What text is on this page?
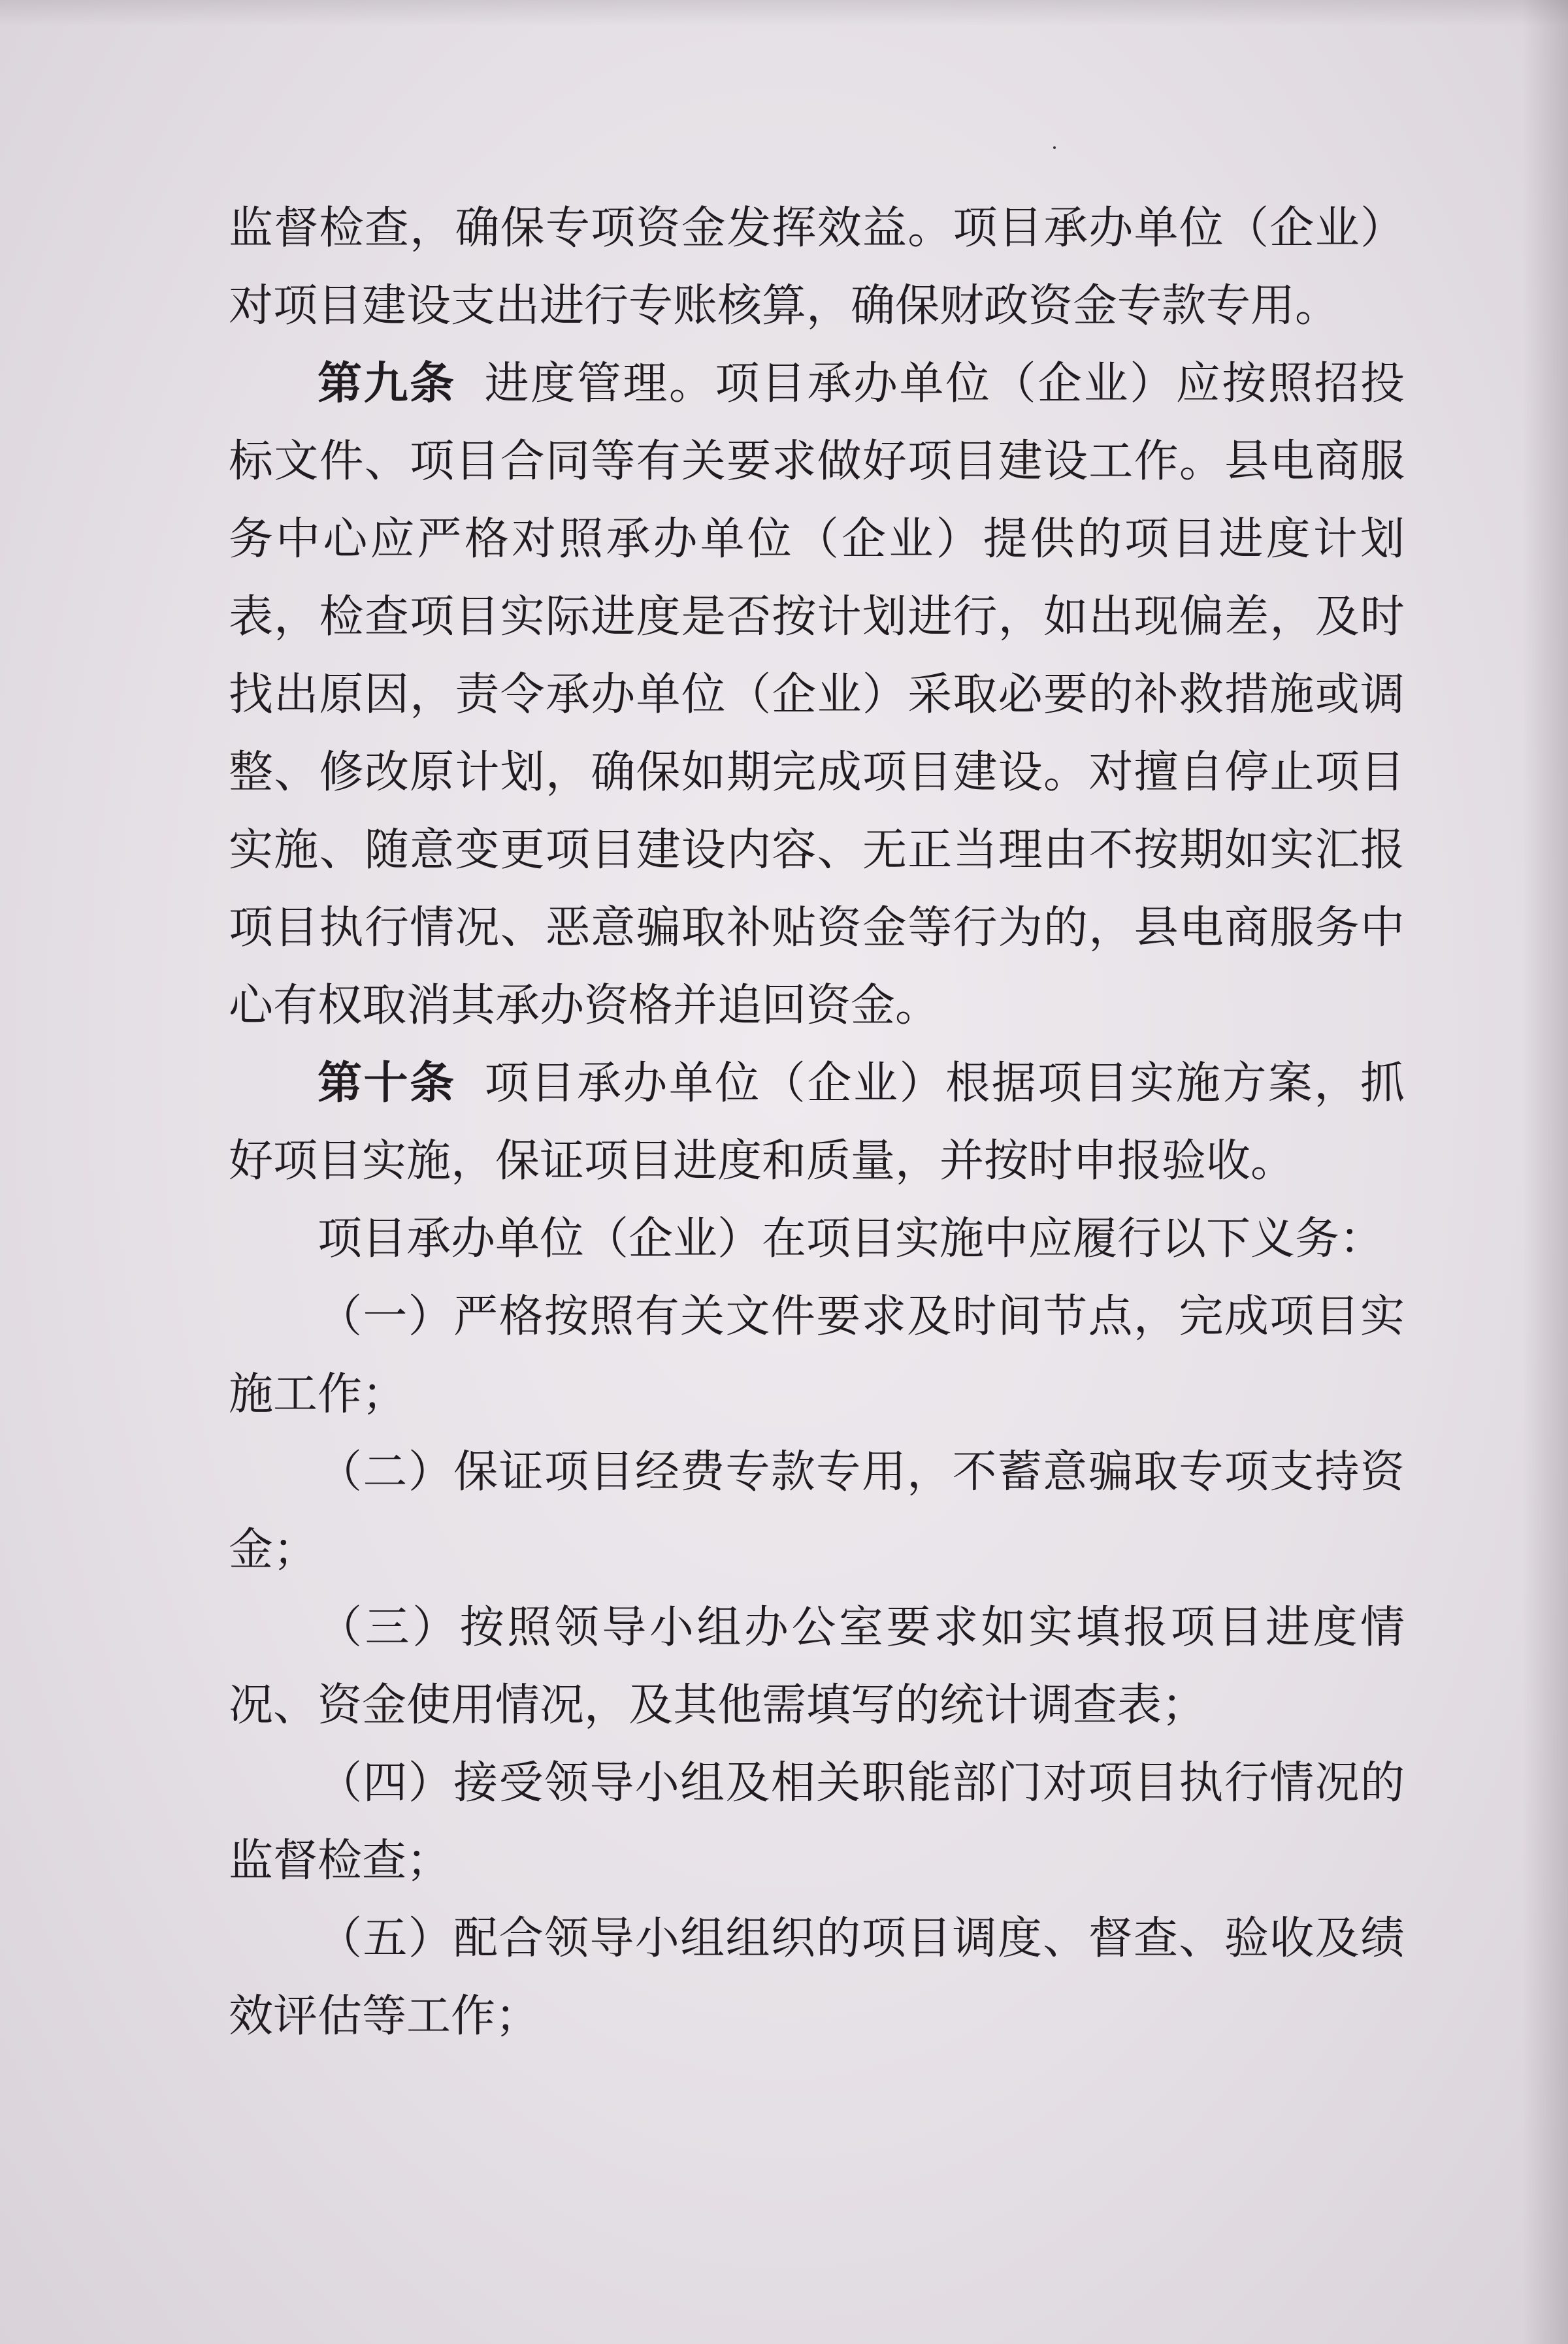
监督检查，确保专项资金发挥效益。项目承办单位（企业）对项目建设支出进行专账核算，确保财政资金专款专用。

第九条 进度管理。项目承办单位（企业）应按照招投标文件、项目合同等有关要求做好项目建设工作。县电商服务中心应严格对照承办单位（企业）提供的项目进度计划表，检查项目实际进度是否按计划进行，如出现偏差，及时找出原因，责令承办单位（企业）采取必要的补救措施或调整、修改原计划，确保如期完成项目建设。对擅自停止项目实施、随意变更项目建设内容、无正当理由不按期如实汇报项目执行情况、恶意骗取补贴资金等行为的，县电商服务中心有权取消其承办资格并追回资金。

第十条 项目承办单位（企业）根据项目实施方案，抓好项目实施，保证项目进度和质量，并按时申报验收。

项目承办单位（企业）在项目实施中应履行以下义务：

（一）严格按照有关文件要求及时间节点，完成项目实施工作；

（二）保证项目经费专款专用，不蓄意骗取专项支持资金；

（三）按照领导小组办公室要求如实填报项目进度情况、资金使用情况，及其他需填写的统计调查表；

（四）接受领导小组及相关职能部门对项目执行情况的监督检查；

（五）配合领导小组组织的项目调度、督查、验收及绩效评估等工作；
